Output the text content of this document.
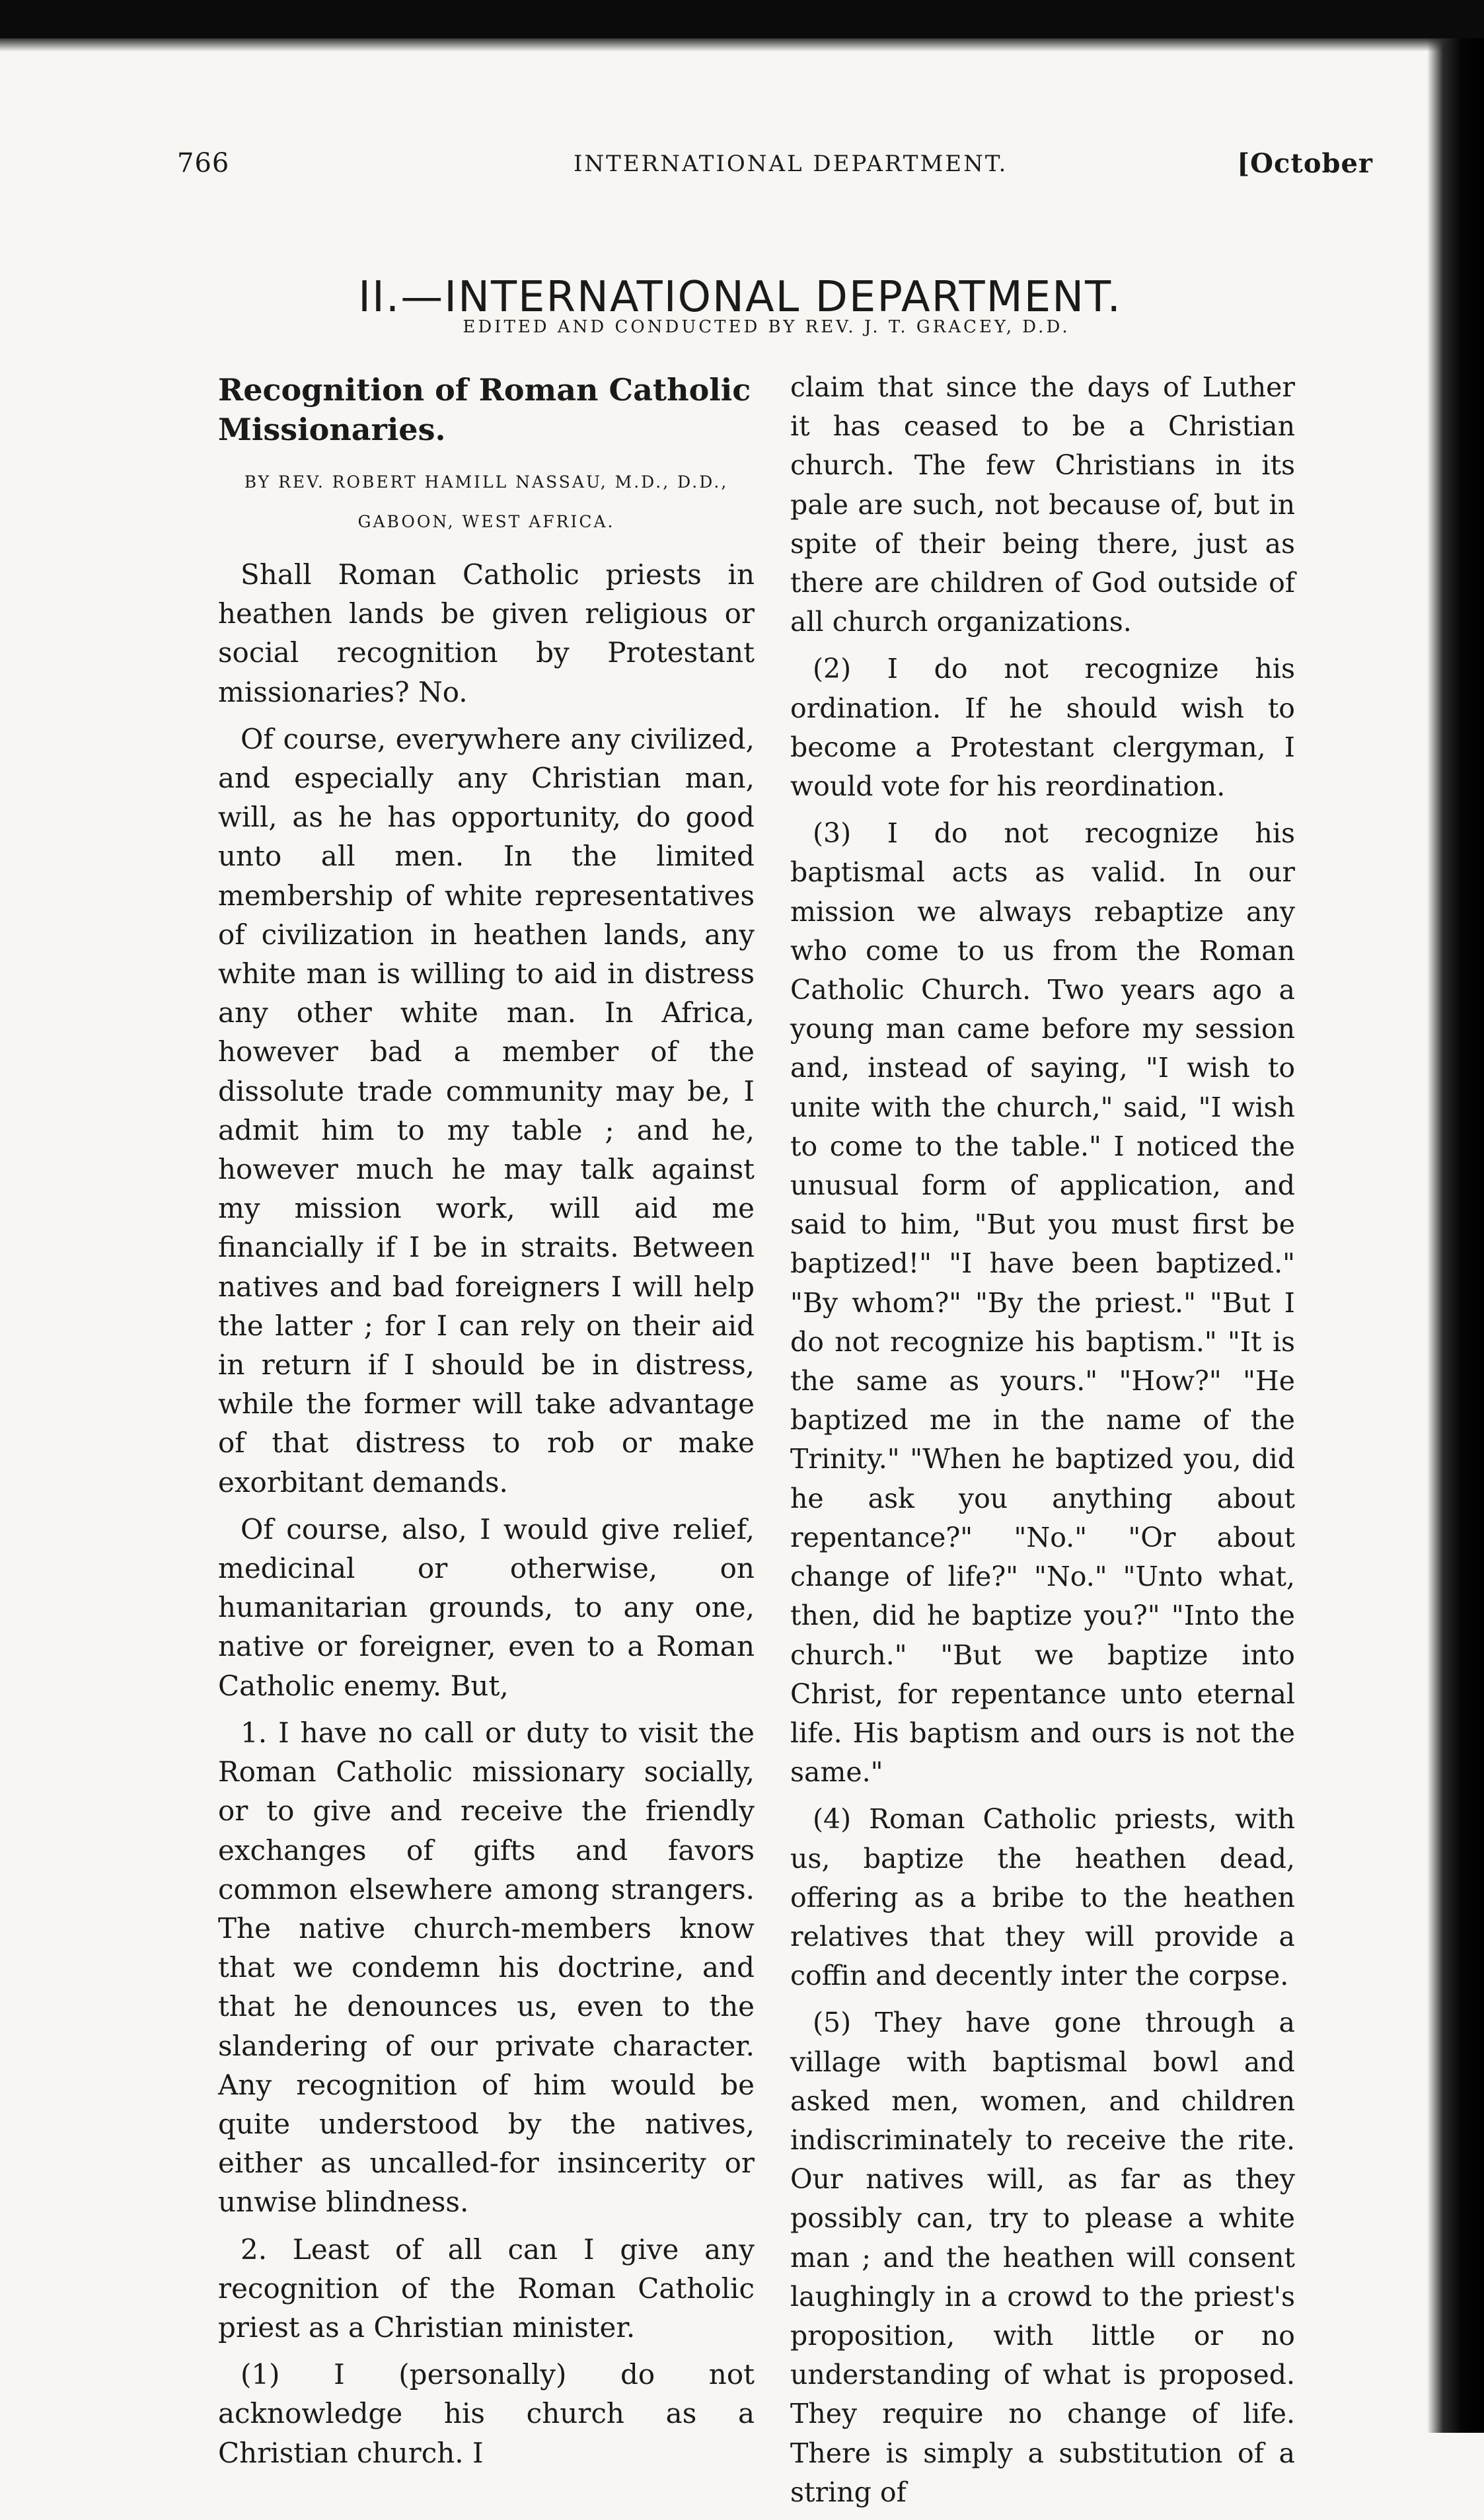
766	INTERNATIONAL DEPARTMENT.	[October
II.—INTERNATIONAL DEPARTMENT.
EDITED AND CONDUCTED BY REV. J. T. GRACEY, D.D.
Recognition of Roman Catholic Missionaries.
BY REV. ROBERT HAMILL NASSAU, M.D., D.D., GABOON, WEST AFRICA.

Shall Roman Catholic priests in heathen lands be given religious or social recognition by Protestant missionaries? No.

Of course, everywhere any civilized, and especially any Christian man, will, as he has opportunity, do good unto all men. In the limited membership of white representatives of civilization in heathen lands, any white man is willing to aid in distress any other white man. In Africa, however bad a member of the dissolute trade community may be, I admit him to my table ; and he, however much he may talk against my mission work, will aid me financially if I be in straits. Between natives and bad foreigners I will help the latter ; for I can rely on their aid in return if I should be in distress, while the former will take advantage of that distress to rob or make exorbitant demands.

Of course, also, I would give relief, medicinal or otherwise, on humanitarian grounds, to any one, native or foreigner, even to a Roman Catholic enemy. But,

1. I have no call or duty to visit the Roman Catholic missionary socially, or to give and receive the friendly exchanges of gifts and favors common elsewhere among strangers. The native church-members know that we condemn his doctrine, and that he denounces us, even to the slandering of our private character. Any recognition of him would be quite understood by the natives, either as uncalled-for insincerity or unwise blindness.

2. Least of all can I give any recognition of the Roman Catholic priest as a Christian minister.

(1) I (personally) do not acknowledge his church as a Christian church. I

claim that since the days of Luther it has ceased to be a Christian church. The few Christians in its pale are such, not because of, but in spite of their being there, just as there are children of God outside of all church organizations.

(2) I do not recognize his ordination. If he should wish to become a Protestant clergyman, I would vote for his reordination.

(3) I do not recognize his baptismal acts as valid. In our mission we always rebaptize any who come to us from the Roman Catholic Church. Two years ago a young man came before my session and, instead of saying, "I wish to unite with the church," said, "I wish to come to the table." I noticed the unusual form of application, and said to him, "But you must first be baptized!" "I have been baptized." "By whom?" "By the priest." "But I do not recognize his baptism." "It is the same as yours." "How?" "He baptized me in the name of the Trinity." "When he baptized you, did he ask you anything about repentance?" "No." "Or about change of life?" "No." "Unto what, then, did he baptize you?" "Into the church." "But we baptize into Christ, for repentance unto eternal life. His baptism and ours is not the same."

(4) Roman Catholic priests, with us, baptize the heathen dead, offering as a bribe to the heathen relatives that they will provide a coffin and decently inter the corpse.

(5) They have gone through a village with baptismal bowl and asked men, women, and children indiscriminately to receive the rite. Our natives will, as far as they possibly can, try to please a white man ; and the heathen will consent laughingly in a crowd to the priest's proposition, with little or no understanding of what is proposed. They require no change of life. There is simply a substitution of a string of
